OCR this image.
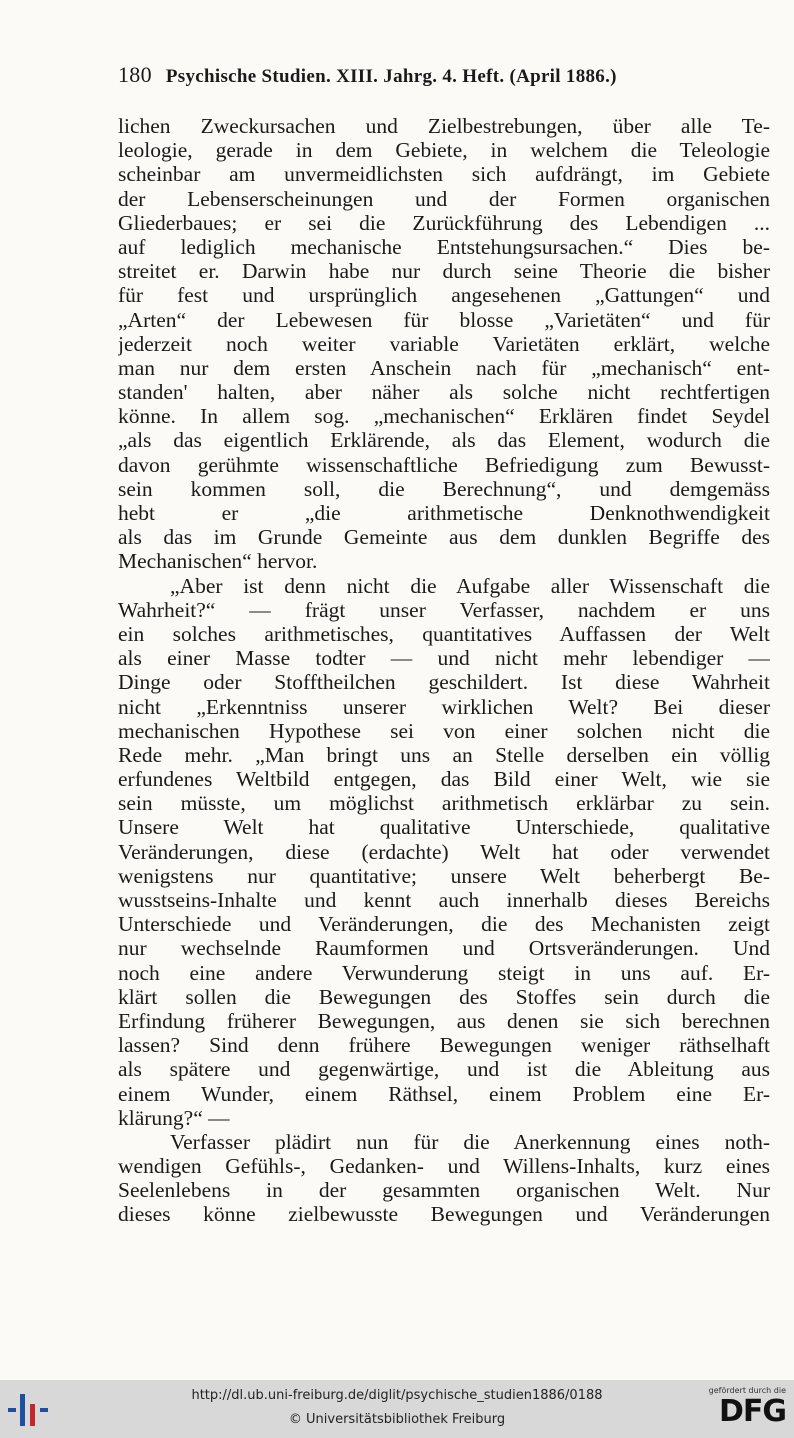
180 Psychische Studien. XIII. Jahrg. 4. Heft. (April 1886.)
lichen Zweckursachen und Zielbestrebungen, über alle Te-
leologie, gerade in dem Gebiete, in welchem die Teleologie
scheinbar am unvermeidlichsten sich aufdrängt, im Gebiete
der Lebenserscheinungen und der Formen organischen
Gliederbaues; er sei die Zurückführung des Lebendigen ...
auf lediglich mechanische Entstehungsursachen.“ Dies be-
streitet er. Darwin habe nur durch seine Theorie die bisher
für fest und ursprünglich angesehenen „Gattungen“ und
„Arten“ der Lebewesen für blosse „Varietäten“ und für
jederzeit noch weiter variable Varietäten erklärt, welche
man nur dem ersten Anschein nach für „mechanisch“ ent-
standen' halten, aber näher als solche nicht rechtfertigen
könne. In allem sog. „mechanischen“ Erklären findet Seydel
„als das eigentlich Erklärende, als das Element, wodurch die
davon gerühmte wissenschaftliche Befriedigung zum Bewusst-
sein kommen soll, die Berechnung“, und demgemäss
hebt er „die arithmetische Denknothwendigkeit
als das im Grunde Gemeinte aus dem dunklen Begriffe des
Mechanischen“ hervor.
„Aber ist denn nicht die Aufgabe aller Wissenschaft die
Wahrheit?“ — frägt unser Verfasser, nachdem er uns
ein solches arithmetisches, quantitatives Auffassen der Welt
als einer Masse todter — und nicht mehr lebendiger —
Dinge oder Stofftheilchen geschildert. Ist diese Wahrheit
nicht „Erkenntniss unserer wirklichen Welt? Bei dieser
mechanischen Hypothese sei von einer solchen nicht die
Rede mehr. „Man bringt uns an Stelle derselben ein völlig
erfundenes Weltbild entgegen, das Bild einer Welt, wie sie
sein müsste, um möglichst arithmetisch erklärbar zu sein.
Unsere Welt hat qualitative Unterschiede, qualitative
Veränderungen, diese (erdachte) Welt hat oder verwendet
wenigstens nur quantitative; unsere Welt beherbergt Be-
wusstseins-Inhalte und kennt auch innerhalb dieses Bereichs
Unterschiede und Veränderungen, die des Mechanisten zeigt
nur wechselnde Raumformen und Ortsveränderungen. Und
noch eine andere Verwunderung steigt in uns auf. Er-
klärt sollen die Bewegungen des Stoffes sein durch die
Erfindung früherer Bewegungen, aus denen sie sich berechnen
lassen? Sind denn frühere Bewegungen weniger räthselhaft
als spätere und gegenwärtige, und ist die Ableitung aus
einem Wunder, einem Räthsel, einem Problem eine Er-
klärung?“ —
Verfasser plädirt nun für die Anerkennung eines noth-
wendigen Gefühls-, Gedanken- und Willens-Inhalts, kurz eines
Seelenlebens in der gesammten organischen Welt. Nur
dieses könne zielbewusste Bewegungen und Veränderungen
http://dl.ub.uni-freiburg.de/diglit/psychische_studien1886/0188
© Universitätsbibliothek Freiburg
gefördert durch die
DFG
